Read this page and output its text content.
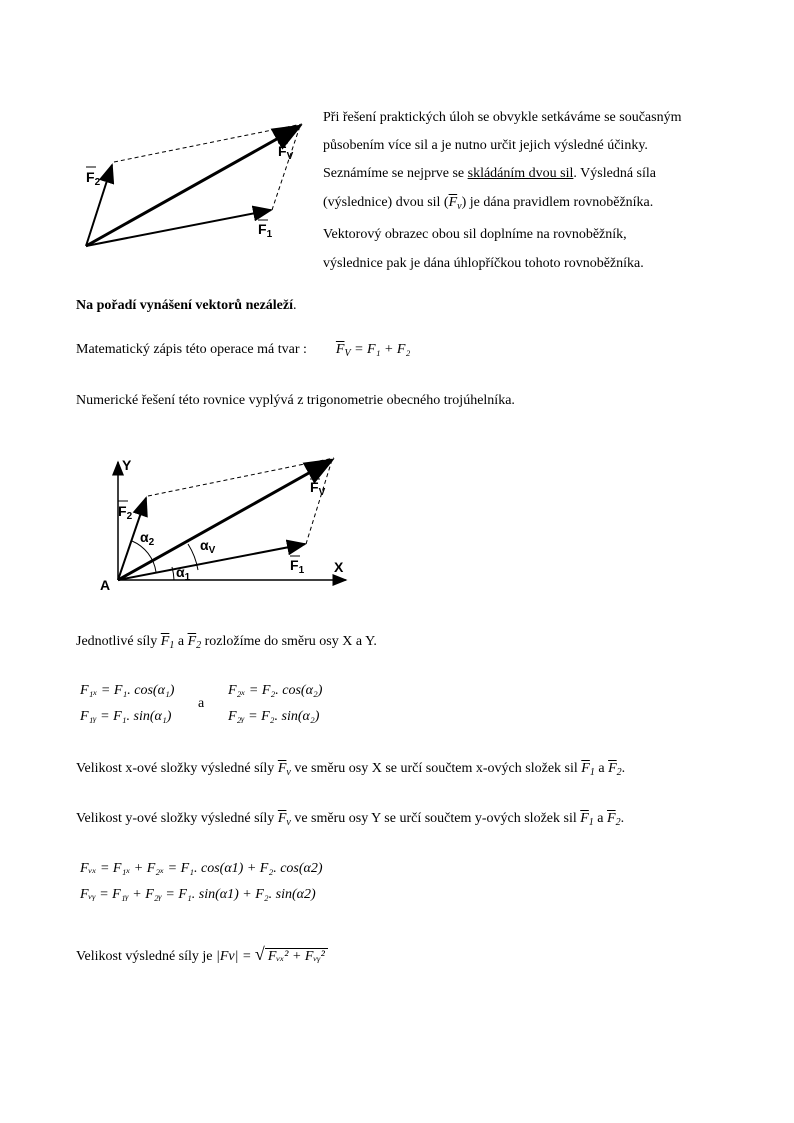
$F_2$
$F_V$
$F_1$
Při řešení praktických úloh se obvykle setkáváme se současným
působením více sil a je nutno určit jejich výsledné účinky.
Seznámíme se nejprve se skládáním dvou sil. Výsledná síla
(výslednice) dvou sil $(\overline{F}_v)$ je dána pravidlem rovnoběžníka.
Vektorový obrazec obou sil doplníme na rovnoběžník,
výslednice pak je dána úhlopříčkou tohoto rovnoběžníka.
Na pořadí vynášení vektorů nezáleží.
Matematický zápis této operace má tvar : $\overline{F}_V = F_1 + F_2$
Numerické řešení této rovnice vyplývá z trigonometrie obecného trojúhelníka.
Y
X
A
$F_2$
$F_V$
$F_1$
$\alpha_2$	$\alpha_V$
$\alpha_1$
Jednotlivé síly $\overline{F}_1$ a $\overline{F}_2$ rozložíme do směru osy X a Y.
F₁ₓ = F₁. cos(α₁)
F₁ᵧ = F₁. sin(α₁)
a
F₂ₓ = F₂. cos(α₂)
F₂ᵧ = F₂. sin(α₂)
Velikost x-ové složky výsledné síly $\overline{F}_v$ ve směru osy X se určí součtem x-ových složek sil $\overline{F}_1$ a $\overline{F}_2$.
Velikost y-ové složky výsledné síly $\overline{F}_v$ ve směru osy Y se určí součtem y-ových složek sil $\overline{F}_1$ a $\overline{F}_2$.
Fᵥₓ = F₁ₓ + F₂ₓ = F₁. cos(α1) + F₂. cos(α2)
Fᵥᵧ = F₁ᵧ + F₂ᵧ = F₁. sin(α1) + F₂. sin(α2)
Velikost výsledné síly je |Fv| = √ Fᵥₓ² + Fᵥᵧ²
